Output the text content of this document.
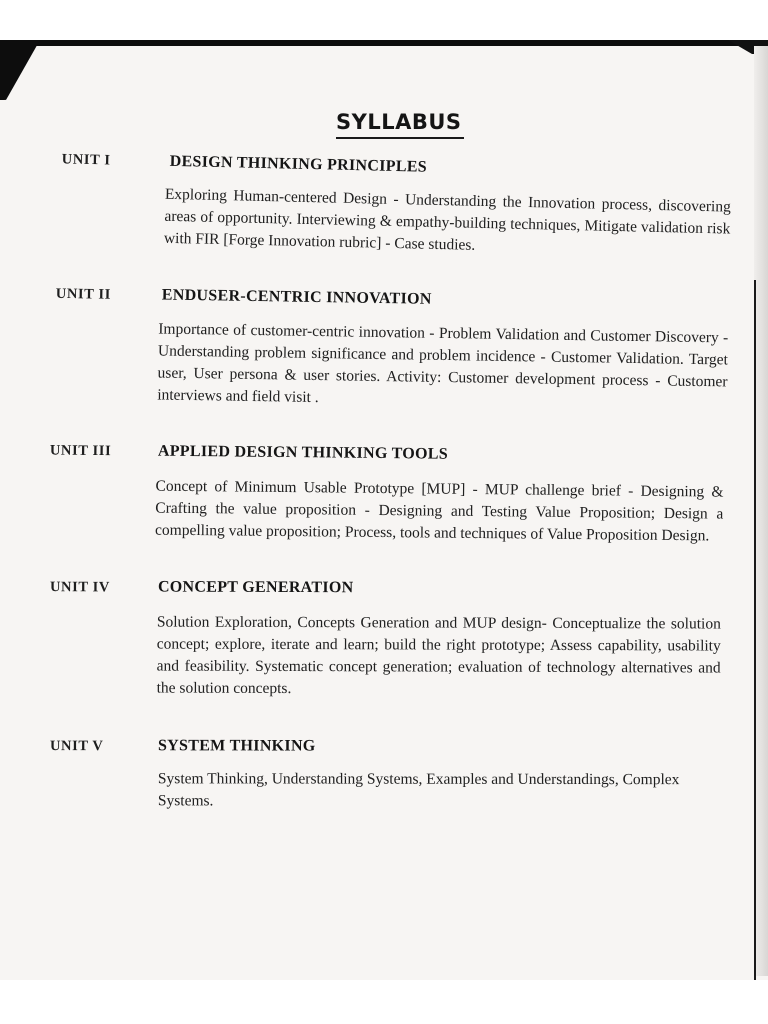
SYLLABUS
UNIT I	DESIGN THINKING PRINCIPLES
Exploring Human-centered Design - Understanding the Innovation process, discovering areas of opportunity. Interviewing & empathy-building techniques, Mitigate validation risk with FIR [Forge Innovation rubric] - Case studies.
UNIT II	ENDUSER-CENTRIC INNOVATION
Importance of customer-centric innovation - Problem Validation and Customer Discovery - Understanding problem significance and problem incidence - Customer Validation. Target user, User persona & user stories. Activity: Customer development process - Customer interviews and field visit .
UNIT III	APPLIED DESIGN THINKING TOOLS
Concept of Minimum Usable Prototype [MUP] - MUP challenge brief - Designing & Crafting the value proposition - Designing and Testing Value Proposition; Design a compelling value proposition; Process, tools and techniques of Value Proposition Design.
UNIT IV	CONCEPT GENERATION
Solution Exploration, Concepts Generation and MUP design- Conceptualize the solution concept; explore, iterate and learn; build the right prototype; Assess capability, usability and feasibility. Systematic concept generation; evaluation of technology alternatives and the solution concepts.
UNIT V	SYSTEM THINKING
System Thinking, Understanding Systems, Examples and Understandings, Complex Systems.
